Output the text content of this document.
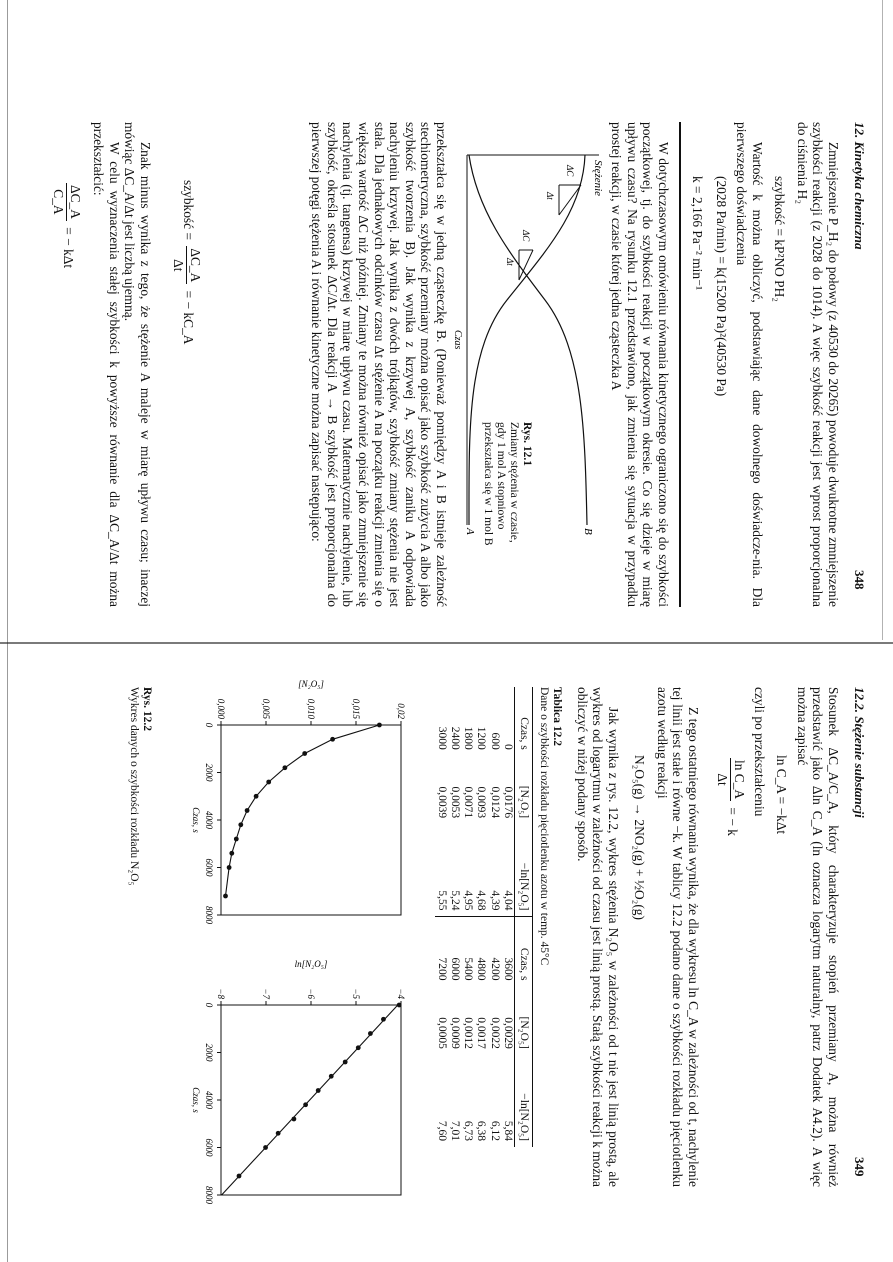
12. Kinetyka chemiczna
348

Zmniejszenie P_H₂ do połowy (z 40530 do 20265) powoduje dwukrotne zmniejszenie szybkości reakcji (z 2028 do 1014). A więc szybkość reakcji jest wprost proporcjonalna do ciśnienia H₂

szybkość = kP²NO PH₂

Wartość k można obliczyć, podstawiając dane dowolnego doświadcze-nia. Dla pierwszego doświadczenia

(2028 Pa/min) = k(15200 Pa)²(40530 Pa)
k = 2,166 Pa⁻² min⁻¹

W dotychczasowym omówieniu równania kinetycznego ograniczono się do szybkości początkowej, tj. do szybkości reakcji w początkowym okresie. Co się dzieje w miarę upływu czasu? Na rysunku 12.1 przedstawiono, jak zmienia się sytuacja w przypadku prostej reakcji, w czasie której jedna cząsteczka A

Stężenie
Czas
A	B
ΔC
Δt
ΔC
Δt
Rys. 12.1
Zmiany stężenia w czasie, gdy 1 mol A stopniowo przekształca się w 1 mol B

przekształca się w jedną cząsteczkę B. (Ponieważ pomiędzy A i B istnieje zależność stechiometryczna, szybkość przemiany można opisać jako szybkość zużycia A albo jako szybkość tworzenia B). Jak wynika z krzywej A, szybkość zaniku A odpowiada nachyleniu krzywej. Jak wynika z dwóch trójkątów, szybkość zmiany stężenia nie jest stała. Dla jednakowych odcinków czasu Δt stężenie A na początku reakcji zmienia się o większą wartość ΔC niż później. Zmiany te można również opisać jako zmniejszenie się nachylenia (tj. tangensa) krzywej w miarę upływu czasu. Matematycznie nachylenie, lub szybkość, określa stosunek ΔC/Δt. Dla reakcji A → B szybkość jest proporcjonalna do pierwszej potęgi stężenia A i równanie kinetyczne można zapisać następująco:

szybkość =
ΔC_A
Δt
= − kC_A

Znak minus wynika z tego, że stężenie A maleje w miarę upływu czasu; inaczej mówiąc ΔC_A/Δt jest liczbą ujemną.

W celu wyznaczenia stałej szybkości k powyższe równanie dla ΔC_A/Δt można przekształcić:

ΔC_A
C_A
= − kΔt
12.2. Stężenie substancji
349

Stosunek ΔC_A/C_A, który charakteryzuje stopień przemiany A, można również przedstawić jako Δln C_A (ln oznacza logarytm naturalny, patrz Dodatek A4.2). A więc można zapisać

ln C_A = −kΔt

czyli po przekształceniu

ln C_A
Δt
= − k

Z tego ostatniego równania wynika, że dla wykresu ln C_A w zależności od t, nachylenie tej linii jest stałe i równe −k. W tablicy 12.2 podano dane o szybkości rozkładu pięciotlenku azotu według reakcji

N₂O₅(g) → 2NO₂(g) + ½O₂(g)

Jak wynika z rys. 12.2, wykres stężenia N₂O₅ w zależności od t nie jest linią prostą, ale wykres od logarytmu w zależności od czasu jest linią prostą. Stałą szybkości reakcji k można obliczyć w niżej podany sposób.

Tablica 12.2
Dane o szybkości rozkładu pięciotlenku azotu w temp. 45°C
Czas, s	[N₂O₅]	−ln[N₂O₅]	Czas, s	[N₂O₅]	−ln[N₂O₅]
0	0,0176	4,04	3600	0,0029	5,84
600	0,0124	4,39	4200	0,0022	6,12
1200	0,0093	4,68	4800	0,0017	6,38
1800	0,0071	4,95	5400	0,0012	6,73
2400	0,0053	5,24	6000	0,0009	7,01
3000	0,0039	5,55	7200	0,0005	7,60
0
2000
4000
6000
8000
0,000	0,005	0,010	0,015	0,02
Czas, s
[N₂O₅]
0
2000
4000
6000
8000
−8	−7	−6	−5	−4
Czas, s
ln[N₂O₅]
Rys. 12.2
Wykres danych o szybkości rozkładu N₂O₅
